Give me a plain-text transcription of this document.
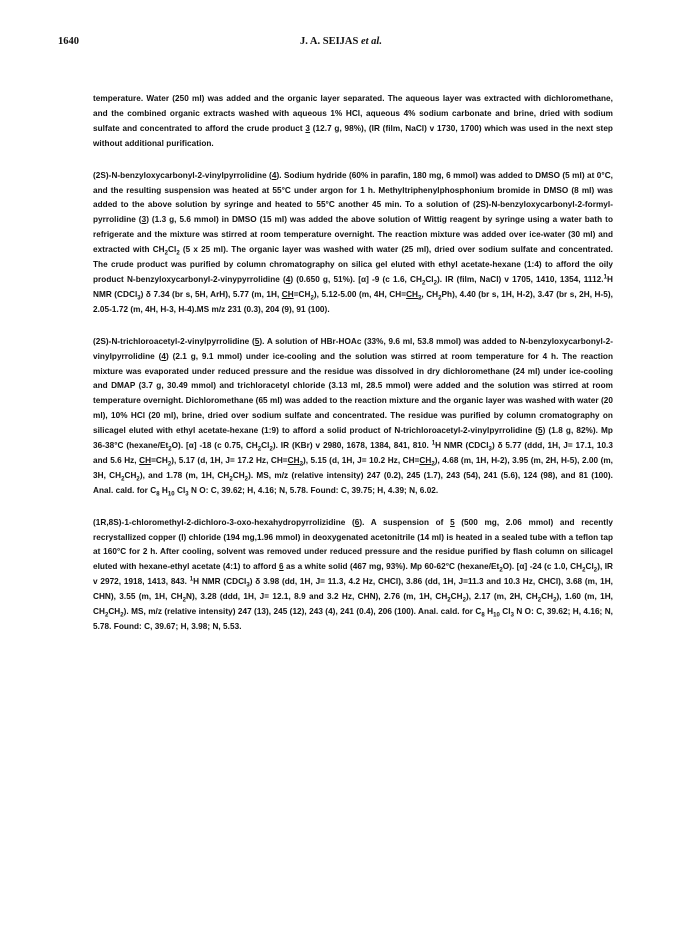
1640	J. A. SEIJAS et al.

temperature. Water (250 ml) was added and the organic layer separated. The aqueous layer was extracted with dichloromethane, and the combined organic extracts washed with aqueous 1% HCl, aqueous 4% sodium carbonate and brine, dried with sodium sulfate and concentrated to afford the crude product 3 (12.7 g, 98%), (IR (film, NaCl) v 1730, 1700) which was used in the next step without additional purification.

(2S)-N-benzyloxycarbonyl-2-vinylpyrrolidine (4). Sodium hydride (60% in parafin, 180 mg, 6 mmol) was added to DMSO (5 ml) at 0°C, and the resulting suspension was heated at 55°C under argon for 1 h. Methyltriphenylphosphonium bromide in DMSO (8 ml) was added to the above solution by syringe and heated to 55°C another 45 min. To a solution of (2S)-N-benzyloxycarbonyl-2-formyl-pyrrolidine (3) (1.3 g, 5.6 mmol) in DMSO (15 ml) was added the above solution of Wittig reagent by syringe using a water bath to refrigerate and the mixture was stirred at room temperature overnight. The reaction mixture was added over ice-water (30 ml) and extracted with $CH_2Cl_2$ (5 x 25 ml). The organic layer was washed with water (25 ml), dried over sodium sulfate and concentrated. The crude product was purified by column chromatography on silica gel eluted with ethyl acetate-hexane (1:4) to afford the oily product N-benzyloxycarbonyl-2-vinypyrrolidine (4) (0.650 g, 51%). [α] -9 (c 1.6, $CH_2Cl_2$). IR (film, NaCl) v 1705, 1410, 1354, 1112.$^1$H NMR (CDCl$_3$) δ 7.34 (br s, 5H, ArH), 5.77 (m, 1H, $CH=CH_2$), 5.12-5.00 (m, 4H, $CH=CH_2$, $CH_2Ph$), 4.40 (br s, 1H, H-2), 3.47 (br s, 2H, H-5), 2.05-1.72 (m, 4H, H-3, H-4).MS m/z 231 (0.3), 204 (9), 91 (100).

(2S)-N-trichloroacetyl-2-vinylpyrrolidine (5). A solution of HBr-HOAc (33%, 9.6 ml, 53.8 mmol) was added to N-benzyloxycarbonyl-2-vinylpyrrolidine (4) (2.1 g, 9.1 mmol) under ice-cooling and the solution was stirred at room temperature for 4 h. The reaction mixture was evaporated under reduced pressure and the residue was dissolved in dry dichloromethane (24 ml) under ice-cooling and DMAP (3.7 g, 30.49 mmol) and trichloracetyl chloride (3.13 ml, 28.5 mmol) were added and the solution was stirred at room temperature overnight. Dichloromethane (65 ml) was added to the reaction mixture and the organic layer was washed with water (20 ml), 10% HCl (20 ml), brine, dried over sodium sulfate and concentrated. The residue was purified by column cromatography on silicagel eluted with ethyl acetate-hexane (1:9) to afford a solid product of N-trichloroacetyl-2-vinylpyrrolidine (5) (1.8 g, 82%). Mp 36-38°C $(hexane/Et_2O)$. [α] -18 (c 0.75, $CH_2Cl_2$). IR (KBr) v 2980, 1678, 1384, 841, 810. $^1$H NMR (CDCl$_3$) δ 5.77 (ddd, 1H, J= 17.1, 10.3 and 5.6 Hz, $CH=CH_2$), 5.17 (d, 1H, J= 17.2 Hz, $CH=CH_2$), 5.15 (d, 1H, J= 10.2 Hz, $CH=CH_2$), 4.68 (m, 1H, H-2), 3.95 (m, 2H, H-5), 2.00 (m, 3H, $CH_2CH_2$), and 1.78 (m, 1H, $CH_2CH_2$). MS, m/z (relative intensity) 247 (0.2), 245 (1.7), 243 (54), 241 (5.6), 124 (98), and 81 (100). Anal. cald. for $C_8$ $H_{10}$ $Cl_3$ N O: C, 39.62; H, 4.16; N, 5.78. Found: C, 39.75; H, 4.39; N, 6.02.

(1R,8S)-1-chloromethyl-2-dichloro-3-oxo-hexahydropyrrolizidine (6). A suspension of 5 (500 mg, 2.06 mmol) and recently recrystallized copper (I) chloride (194 mg,1.96 mmol) in deoxygenated acetonitrile (14 ml) is heated in a sealed tube with a teflon tap at 160°C for 2 h. After cooling, solvent was removed under reduced pressure and the residue purified by flash column on silicagel eluted with hexane-ethyl acetate (4:1) to afford 6 as a white solid (467 mg, 93%). Mp 60-62°C $(hexane/Et_2O)$. [α] -24 (c 1.0, $CH_2Cl_2$), IR v 2972, 1918, 1413, 843. $^1$H NMR (CDCl$_3$) δ 3.98 (dd, 1H, J= 11.3, 4.2 Hz, CHCl), 3.86 (dd, 1H, J=11.3 and 10.3 Hz, CHCl), 3.68 (m, 1H, CHN), 3.55 (m, 1H, $CH_2N$), 3.28 (ddd, 1H, J= 12.1, 8.9 and 3.2 Hz, CHN), 2.76 (m, 1H, $CH_2CH_2$), 2.17 (m, 2H, $CH_2CH_2$), 1.60 (m, 1H, $CH_2CH_2$). MS, m/z (relative intensity) 247 (13), 245 (12), 243 (4), 241 (0.4), 206 (100). Anal. cald. for $C_8$ $H_{10}$ $Cl_3$ N O: C, 39.62; H, 4.16; N, 5.78. Found: C, 39.67; H, 3.98; N, 5.53.
